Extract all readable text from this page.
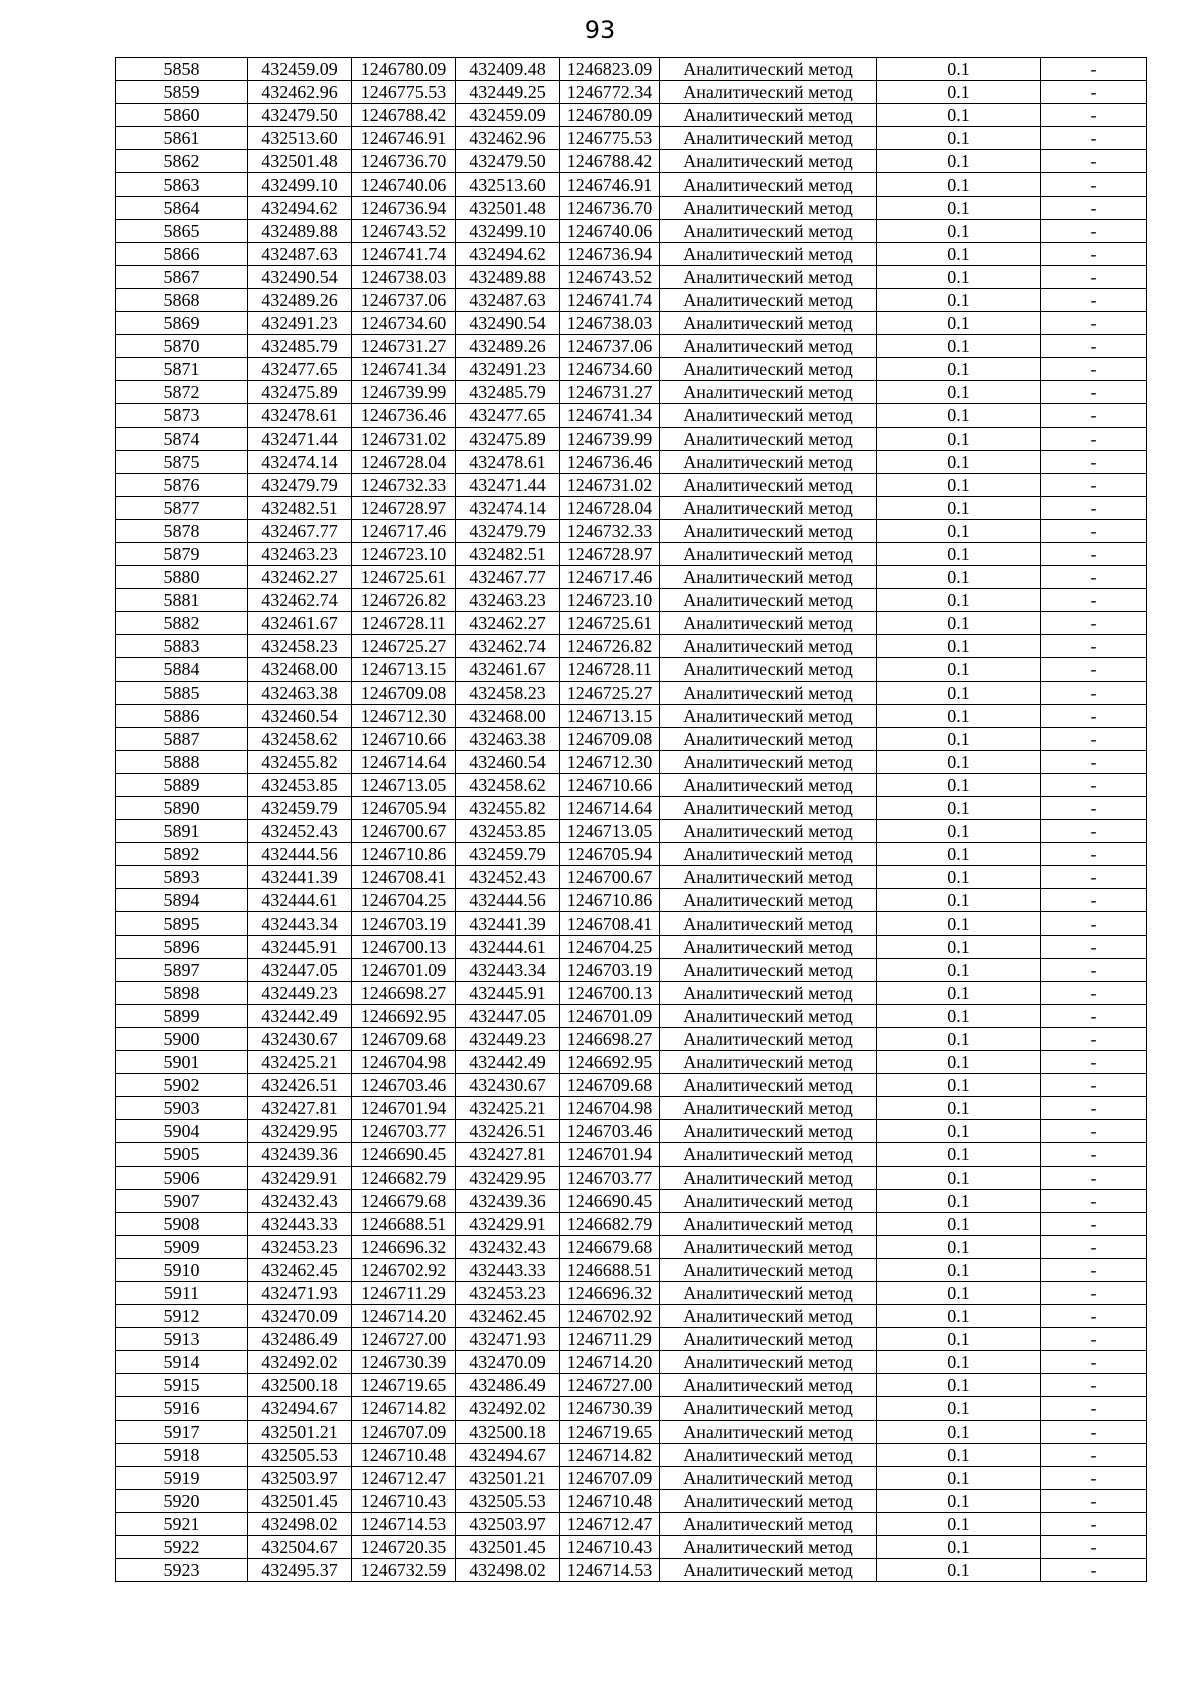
93
5858	432459.09	1246780.09	432409.48	1246823.09	Аналитический метод	0.1	-
5859	432462.96	1246775.53	432449.25	1246772.34	Аналитический метод	0.1	-
5860	432479.50	1246788.42	432459.09	1246780.09	Аналитический метод	0.1	-
5861	432513.60	1246746.91	432462.96	1246775.53	Аналитический метод	0.1	-
5862	432501.48	1246736.70	432479.50	1246788.42	Аналитический метод	0.1	-
5863	432499.10	1246740.06	432513.60	1246746.91	Аналитический метод	0.1	-
5864	432494.62	1246736.94	432501.48	1246736.70	Аналитический метод	0.1	-
5865	432489.88	1246743.52	432499.10	1246740.06	Аналитический метод	0.1	-
5866	432487.63	1246741.74	432494.62	1246736.94	Аналитический метод	0.1	-
5867	432490.54	1246738.03	432489.88	1246743.52	Аналитический метод	0.1	-
5868	432489.26	1246737.06	432487.63	1246741.74	Аналитический метод	0.1	-
5869	432491.23	1246734.60	432490.54	1246738.03	Аналитический метод	0.1	-
5870	432485.79	1246731.27	432489.26	1246737.06	Аналитический метод	0.1	-
5871	432477.65	1246741.34	432491.23	1246734.60	Аналитический метод	0.1	-
5872	432475.89	1246739.99	432485.79	1246731.27	Аналитический метод	0.1	-
5873	432478.61	1246736.46	432477.65	1246741.34	Аналитический метод	0.1	-
5874	432471.44	1246731.02	432475.89	1246739.99	Аналитический метод	0.1	-
5875	432474.14	1246728.04	432478.61	1246736.46	Аналитический метод	0.1	-
5876	432479.79	1246732.33	432471.44	1246731.02	Аналитический метод	0.1	-
5877	432482.51	1246728.97	432474.14	1246728.04	Аналитический метод	0.1	-
5878	432467.77	1246717.46	432479.79	1246732.33	Аналитический метод	0.1	-
5879	432463.23	1246723.10	432482.51	1246728.97	Аналитический метод	0.1	-
5880	432462.27	1246725.61	432467.77	1246717.46	Аналитический метод	0.1	-
5881	432462.74	1246726.82	432463.23	1246723.10	Аналитический метод	0.1	-
5882	432461.67	1246728.11	432462.27	1246725.61	Аналитический метод	0.1	-
5883	432458.23	1246725.27	432462.74	1246726.82	Аналитический метод	0.1	-
5884	432468.00	1246713.15	432461.67	1246728.11	Аналитический метод	0.1	-
5885	432463.38	1246709.08	432458.23	1246725.27	Аналитический метод	0.1	-
5886	432460.54	1246712.30	432468.00	1246713.15	Аналитический метод	0.1	-
5887	432458.62	1246710.66	432463.38	1246709.08	Аналитический метод	0.1	-
5888	432455.82	1246714.64	432460.54	1246712.30	Аналитический метод	0.1	-
5889	432453.85	1246713.05	432458.62	1246710.66	Аналитический метод	0.1	-
5890	432459.79	1246705.94	432455.82	1246714.64	Аналитический метод	0.1	-
5891	432452.43	1246700.67	432453.85	1246713.05	Аналитический метод	0.1	-
5892	432444.56	1246710.86	432459.79	1246705.94	Аналитический метод	0.1	-
5893	432441.39	1246708.41	432452.43	1246700.67	Аналитический метод	0.1	-
5894	432444.61	1246704.25	432444.56	1246710.86	Аналитический метод	0.1	-
5895	432443.34	1246703.19	432441.39	1246708.41	Аналитический метод	0.1	-
5896	432445.91	1246700.13	432444.61	1246704.25	Аналитический метод	0.1	-
5897	432447.05	1246701.09	432443.34	1246703.19	Аналитический метод	0.1	-
5898	432449.23	1246698.27	432445.91	1246700.13	Аналитический метод	0.1	-
5899	432442.49	1246692.95	432447.05	1246701.09	Аналитический метод	0.1	-
5900	432430.67	1246709.68	432449.23	1246698.27	Аналитический метод	0.1	-
5901	432425.21	1246704.98	432442.49	1246692.95	Аналитический метод	0.1	-
5902	432426.51	1246703.46	432430.67	1246709.68	Аналитический метод	0.1	-
5903	432427.81	1246701.94	432425.21	1246704.98	Аналитический метод	0.1	-
5904	432429.95	1246703.77	432426.51	1246703.46	Аналитический метод	0.1	-
5905	432439.36	1246690.45	432427.81	1246701.94	Аналитический метод	0.1	-
5906	432429.91	1246682.79	432429.95	1246703.77	Аналитический метод	0.1	-
5907	432432.43	1246679.68	432439.36	1246690.45	Аналитический метод	0.1	-
5908	432443.33	1246688.51	432429.91	1246682.79	Аналитический метод	0.1	-
5909	432453.23	1246696.32	432432.43	1246679.68	Аналитический метод	0.1	-
5910	432462.45	1246702.92	432443.33	1246688.51	Аналитический метод	0.1	-
5911	432471.93	1246711.29	432453.23	1246696.32	Аналитический метод	0.1	-
5912	432470.09	1246714.20	432462.45	1246702.92	Аналитический метод	0.1	-
5913	432486.49	1246727.00	432471.93	1246711.29	Аналитический метод	0.1	-
5914	432492.02	1246730.39	432470.09	1246714.20	Аналитический метод	0.1	-
5915	432500.18	1246719.65	432486.49	1246727.00	Аналитический метод	0.1	-
5916	432494.67	1246714.82	432492.02	1246730.39	Аналитический метод	0.1	-
5917	432501.21	1246707.09	432500.18	1246719.65	Аналитический метод	0.1	-
5918	432505.53	1246710.48	432494.67	1246714.82	Аналитический метод	0.1	-
5919	432503.97	1246712.47	432501.21	1246707.09	Аналитический метод	0.1	-
5920	432501.45	1246710.43	432505.53	1246710.48	Аналитический метод	0.1	-
5921	432498.02	1246714.53	432503.97	1246712.47	Аналитический метод	0.1	-
5922	432504.67	1246720.35	432501.45	1246710.43	Аналитический метод	0.1	-
5923	432495.37	1246732.59	432498.02	1246714.53	Аналитический метод	0.1	-
